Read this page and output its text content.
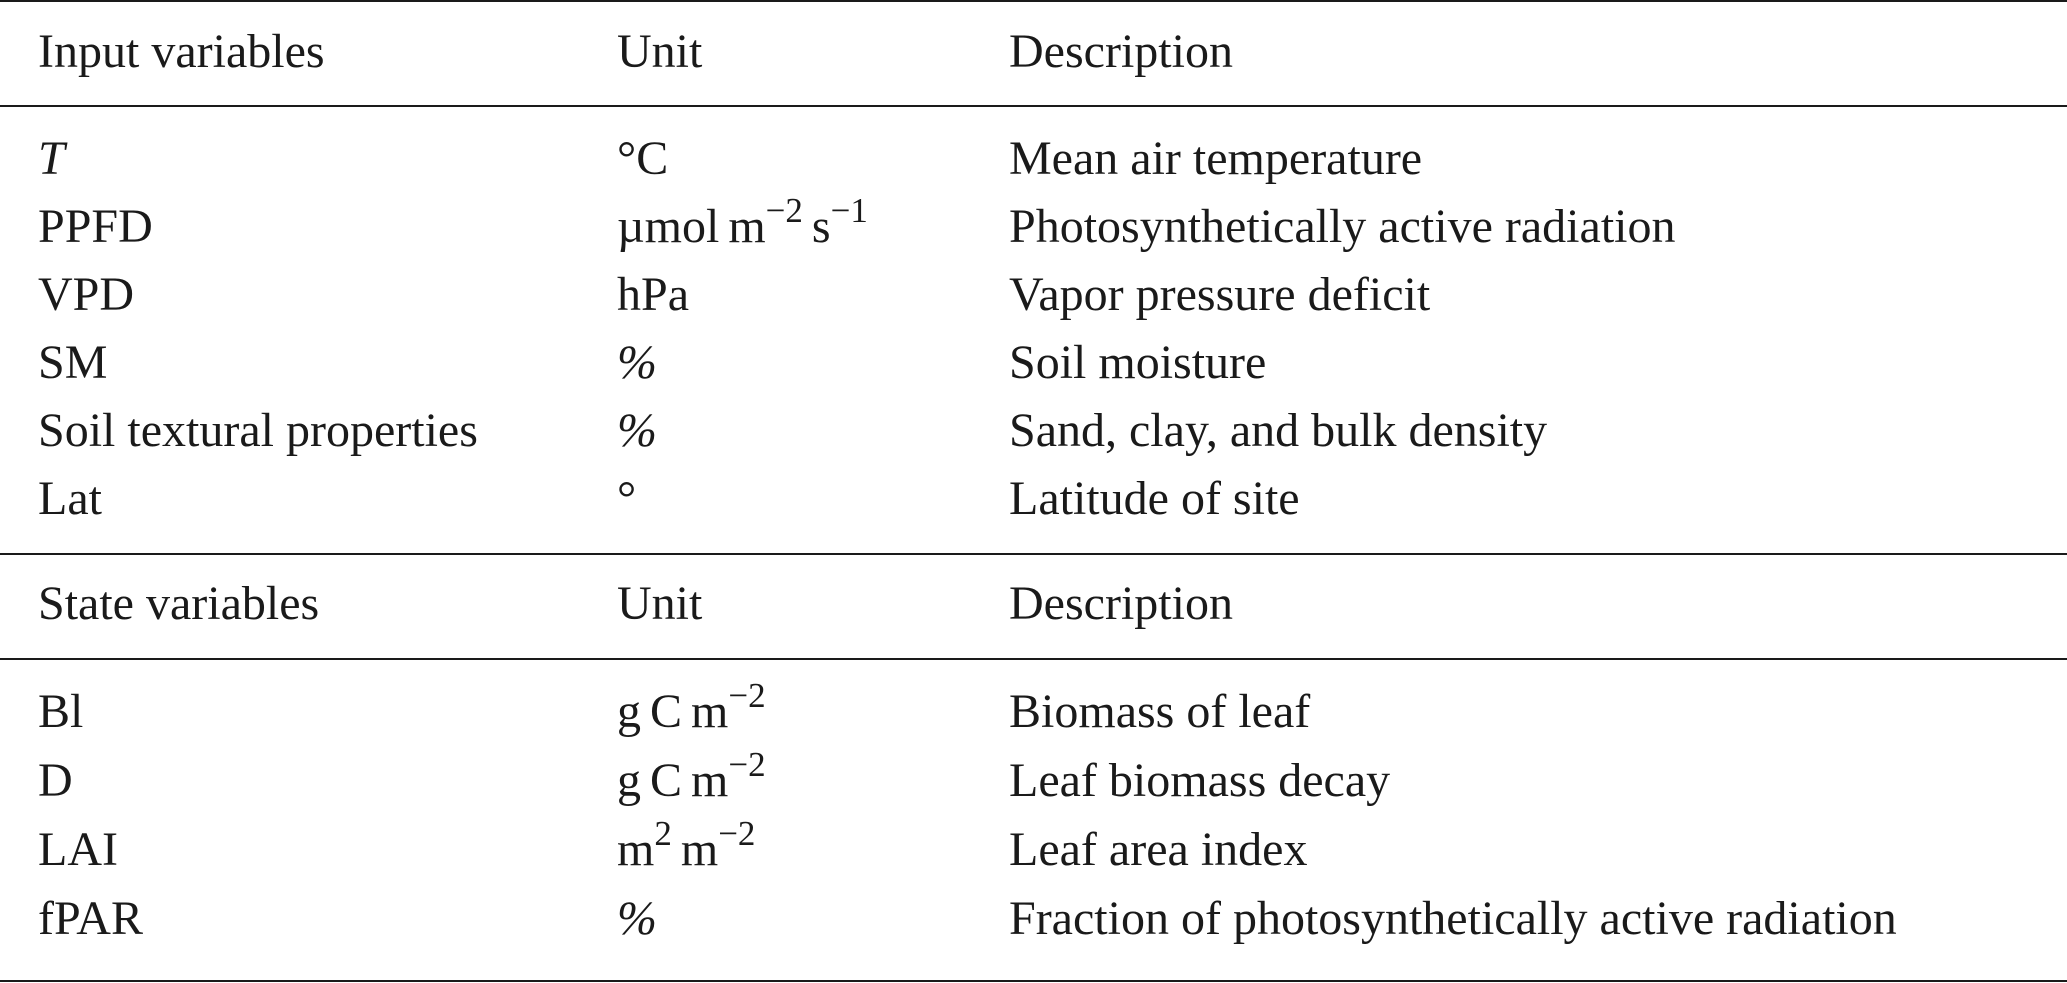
Input variables	Unit	Description
T	°C	Mean air temperature
PPFD	µmol $m^{-2}$ $s^{-1}$	Photosynthetically active radiation
VPD	hPa	Vapor pressure deficit
SM	%	Soil moisture
Soil textural properties	%	Sand, clay, and bulk density
Lat	°	Latitude of site
State variables	Unit	Description
Bl	g C $m^{-2}$	Biomass of leaf
D	g C $m^{-2}$	Leaf biomass decay
LAI	$m^2$ $m^{-2}$	Leaf area index
fPAR	%	Fraction of photosynthetically active radiation
